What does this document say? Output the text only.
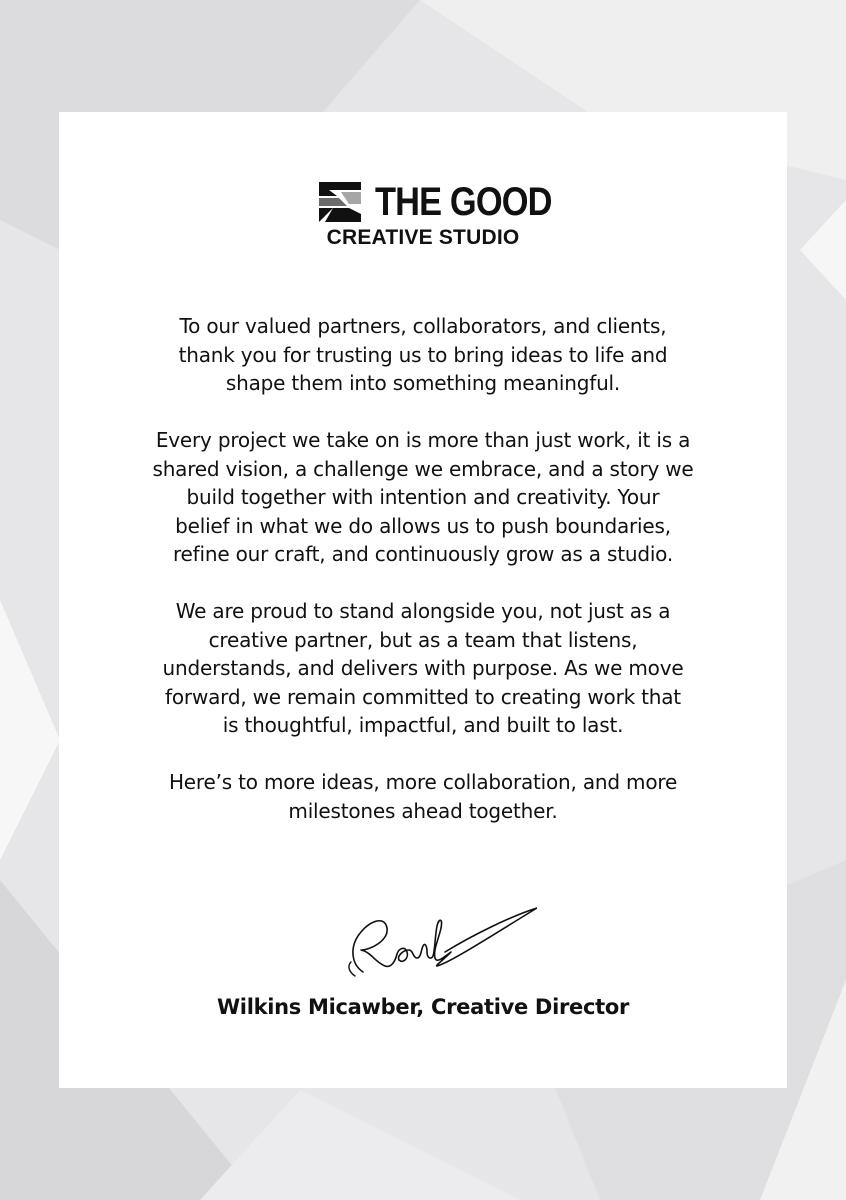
THE GOOD
CREATIVE STUDIO

To our valued partners, collaborators, and clients,
thank you for trusting us to bring ideas to life and
shape them into something meaningful.

Every project we take on is more than just work, it is a
shared vision, a challenge we embrace, and a story we
build together with intention and creativity. Your
belief in what we do allows us to push boundaries,
refine our craft, and continuously grow as a studio.

We are proud to stand alongside you, not just as a
creative partner, but as a team that listens,
understands, and delivers with purpose. As we move
forward, we remain committed to creating work that
is thoughtful, impactful, and built to last.

Here’s to more ideas, more collaboration, and more
milestones ahead together.

Wilkins Micawber, Creative Director
